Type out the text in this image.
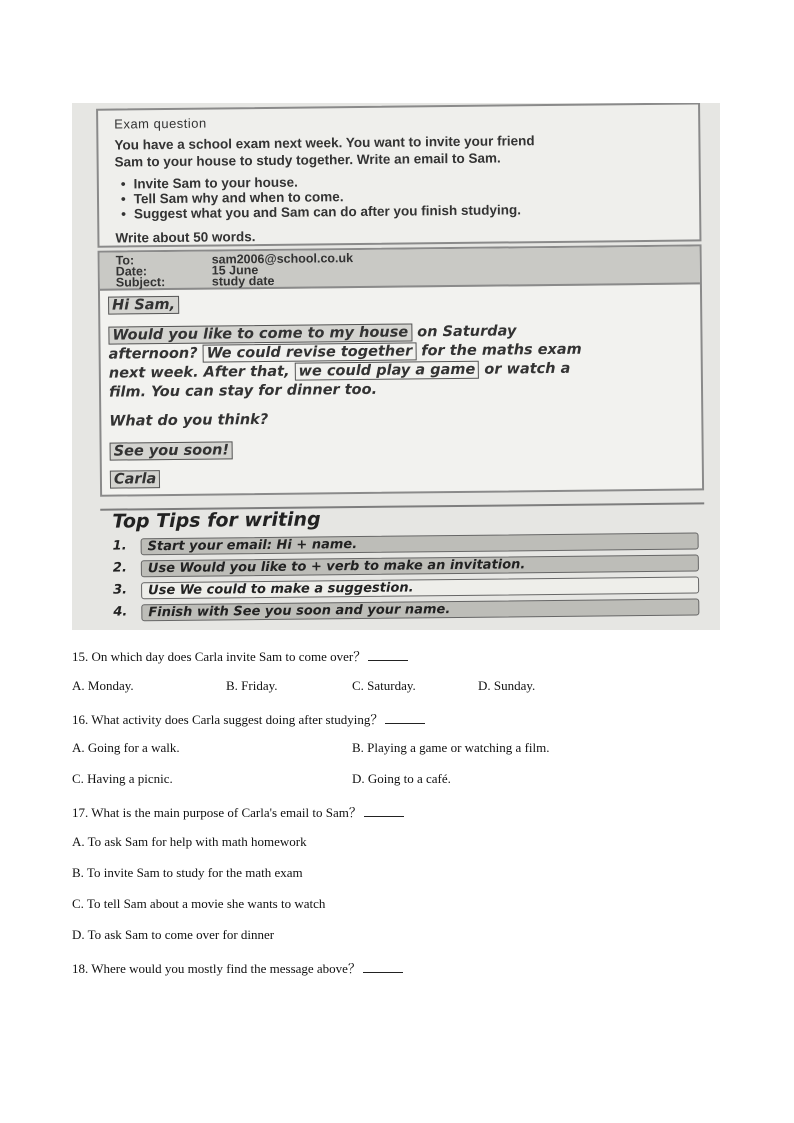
Exam question
You have a school exam next week. You want to invite your friend
Sam to your house to study together. Write an email to Sam.
• Invite Sam to your house.
• Tell Sam why and when to come.
• Suggest what you and Sam can do after you finish studying.
Write about 50 words.
To:	sam2006@school.co.uk
Date:	15 June
Subject:	study date
Hi Sam,
Would you like to come to my house on Saturday
afternoon? We could revise together for the maths exam
next week. After that, we could play a game or watch a
film. You can stay for dinner too.
What do you think?
See you soon!
Carla
Top Tips for writing
1.	Start your email: Hi + name.
2.	Use Would you like to + verb to make an invitation.
3.	Use We could to make a suggestion.
4.	Finish with See you soon and your name.
15. On which day does Carla invite Sam to come over？
A. Monday.	B. Friday.	C. Saturday.	D. Sunday.
16. What activity does Carla suggest doing after studying？
A. Going for a walk.	B. Playing a game or watching a film.
C. Having a picnic.	D. Going to a café.
17. What is the main purpose of Carla's email to Sam？
A. To ask Sam for help with math homework
B. To invite Sam to study for the math exam
C. To tell Sam about a movie she wants to watch
D. To ask Sam to come over for dinner
18. Where would you mostly find the message above？
